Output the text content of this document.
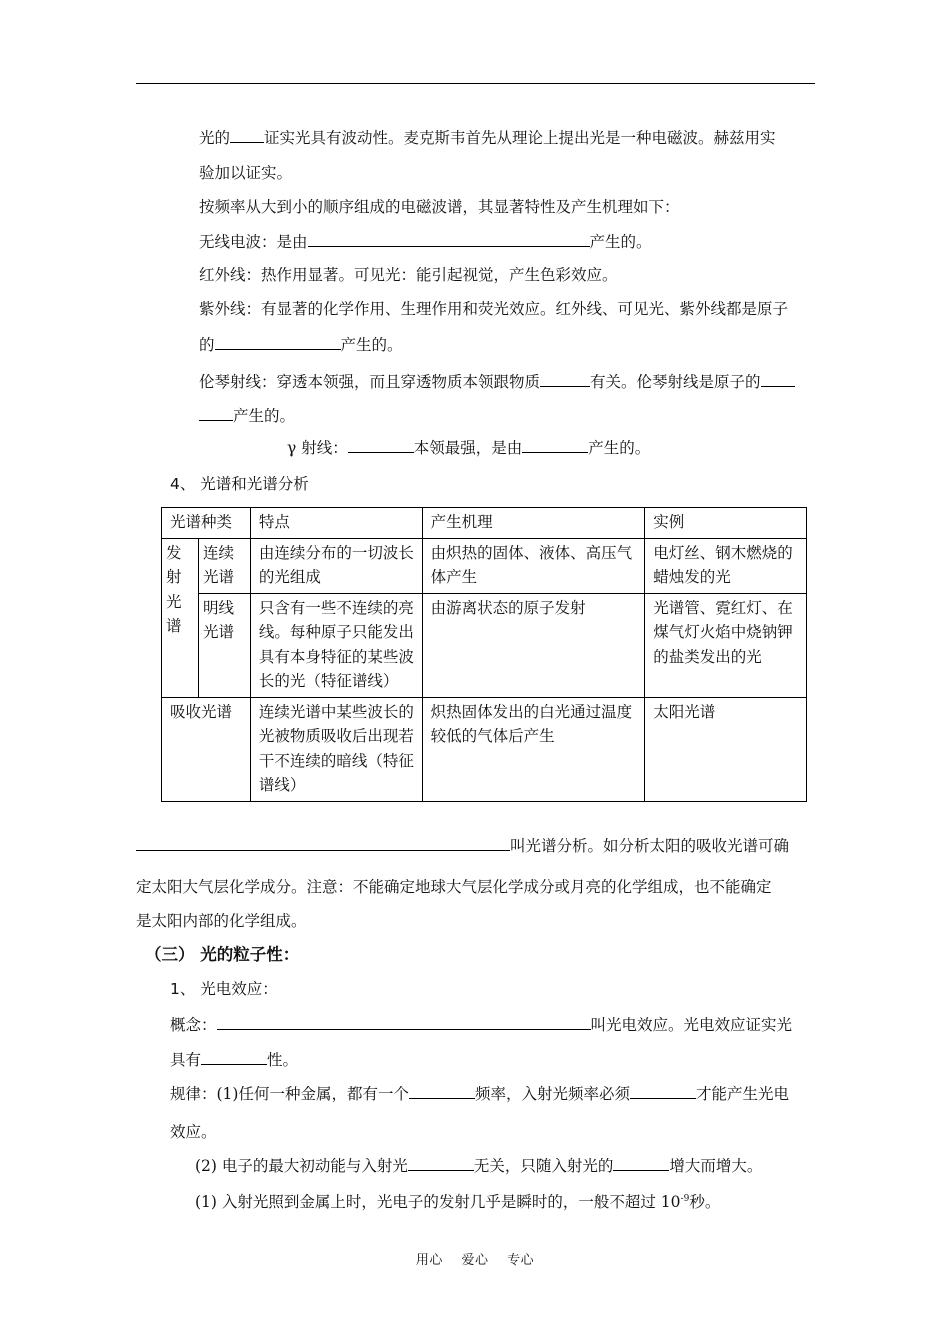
光的 证实光具有波动性。麦克斯韦首先从理论上提出光是一种电磁波。赫兹用实
验加以证实。
按频率从大到小的顺序组成的电磁波谱，其显著特性及产生机理如下：
无线电波：是由	产生的。
红外线：热作用显著。可见光：能引起视觉，产生色彩效应。
紫外线：有显著的化学作用、生理作用和荧光效应。红外线、可见光、紫外线都是原子
的	产生的。
伦琴射线：穿透本领强，而且穿透物质本领跟物质	有关。伦琴射线是原子的
产生的。
γ 射线：	本领最强，是由	产生的。
4、 光谱和光谱分析
光谱种类		特点	产生机理	实例
发射光谱	连续光谱	由连续分布的一切波长的光组成	由炽热的固体、液体、高压气体产生	电灯丝、钢木燃烧的蜡烛发的光
	明线光谱	只含有一些不连续的亮线。每种原子只能发出具有本身特征的某些波长的光（特征谱线）	由游离状态的原子发射	光谱管、霓红灯、在煤气灯火焰中烧钠钾的盐类发出的光
吸收光谱		连续光谱中某些波长的光被物质吸收后出现若干不连续的暗线（特征谱线）	炽热固体发出的白光通过温度较低的气体后产生	太阳光谱
叫光谱分析。如分析太阳的吸收光谱可确
定太阳大气层化学成分。注意：不能确定地球大气层化学成分或月亮的化学组成，也不能确定
是太阳内部的化学组成。
（三） 光的粒子性：
1、 光电效应：
概念：	叫光电效应。光电效应证实光
具有	性。
规律：(1)任何一种金属，都有一个	频率，入射光频率必须	才能产生光电
效应。
(2) 电子的最大初动能与入射光	无关，只随入射光的	增大而增大。
(1) 入射光照到金属上时，光电子的发射几乎是瞬时的，一般不超过 $10^{-9}$秒。
用心 爱心 专心
